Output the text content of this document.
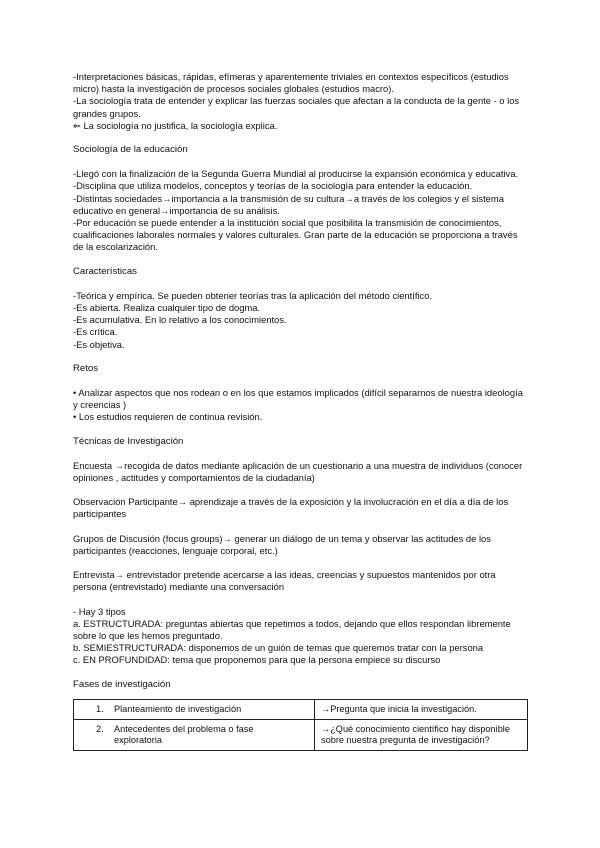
-Interpretaciones básicas, rápidas, efímeras y aparentemente triviales en contextos específicos (estudios micro) hasta la investigación de procesos sociales globales (estudios macro).

-La sociología trata de entender y explicar las fuerzas sociales que afectan a la conducta de la gente - o los grandes grupos.

⇐ La sociología no justifica, la sociología explica.

Sociología de la educación

-Llegó con la finalización de la Segunda Guerra Mundial al producirse la expansión económica y educativa.

-Disciplina que utiliza modelos, conceptos y teorías de la sociología para entender la educación.

-Distintas sociedades→importancia a la transmisión de su cultura→a través de los colegios y el sistema educativo en general→importancia de su análisis.

-Por educación se puede entender a la institución social que posibilita la transmisión de conocimientos, cualificaciones laborales normales y valores culturales. Gran parte de la educación se proporciona a través de la escolarización.

Características

-Teórica y empírica. Se pueden obtener teorías tras la aplicación del método científico.

-Es abierta. Realiza cualquier tipo de dogma.

-Es acumulativa. En lo relativo a los conocimientos.

-Es crítica.

-Es objetiva.

Retos

• Analizar aspectos que nos rodean o en los que estamos implicados (difícil separarnos de nuestra ideología y creencias )

• Los estudios requieren de continua revisión.

Técnicas de Investigación

Encuesta →recogida de datos mediante aplicación de un cuestionario a una muestra de individuos (conocer opiniones , actitudes y comportamientos de la ciudadanía)

Observación Participante→ aprendizaje a través de la exposición y la involucración en el día a día de los participantes

Grupos de Discusión (focus groups)→ generar un diálogo de un tema y observar las actitudes de los participantes (reacciones, lenguaje corporal, etc.)

Entrevista→ entrevistador pretende acercarse a las ideas, creencias y supuestos mantenidos por otra persona (entrevistado) mediante una conversación

- Hay 3 tipos

a. ESTRUCTURADA: preguntas abiertas que repetimos a todos, dejando que ellos respondan libremente sobre lo que les hemos preguntado.

b. SEMIESTRUCTURADA: disponemos de un guión de temas que queremos tratar con la persona

c. EN PROFUNDIDAD: tema que proponemos para que la persona empiece su discurso

Fases de investigación

1. Planteamiento de investigación	→Pregunta que inicia la investigación.
2. Antecedentes del problema o fase exploratoria	→¿Qué conocimiento científico hay disponible sobre nuestra pregunta de investigación?
